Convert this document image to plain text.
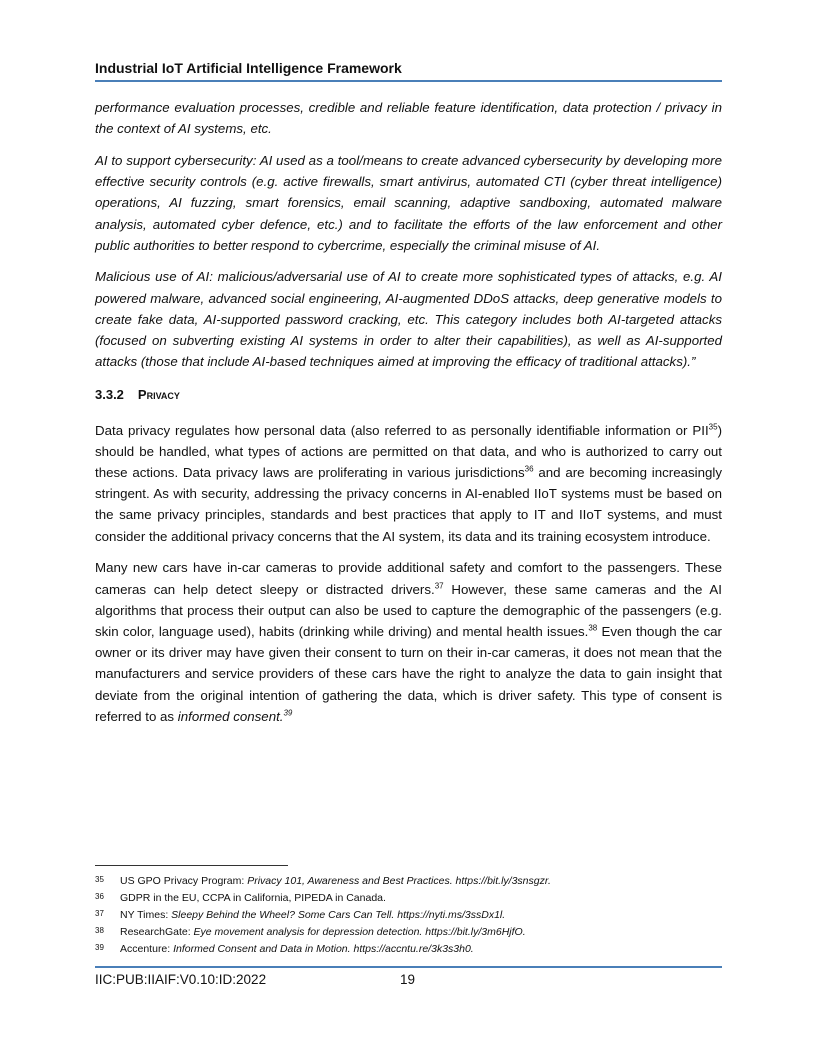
Industrial IoT Artificial Intelligence Framework

performance evaluation processes, credible and reliable feature identification, data protection / privacy in the context of AI systems, etc.

AI to support cybersecurity: AI used as a tool/means to create advanced cybersecurity by developing more effective security controls (e.g. active firewalls, smart antivirus, automated CTI (cyber threat intelligence) operations, AI fuzzing, smart forensics, email scanning, adaptive sandboxing, automated malware analysis, automated cyber defence, etc.) and to facilitate the efforts of the law enforcement and other public authorities to better respond to cybercrime, especially the criminal misuse of AI.

Malicious use of AI: malicious/adversarial use of AI to create more sophisticated types of attacks, e.g. AI powered malware, advanced social engineering, AI-augmented DDoS attacks, deep generative models to create fake data, AI-supported password cracking, etc. This category includes both AI-targeted attacks (focused on subverting existing AI systems in order to alter their capabilities), as well as AI-supported attacks (those that include AI-based techniques aimed at improving the efficacy of traditional attacks).”

3.3.2 Privacy

Data privacy regulates how personal data (also referred to as personally identifiable information or PII$^{35}$) should be handled, what types of actions are permitted on that data, and who is authorized to carry out these actions. Data privacy laws are proliferating in various jurisdictions$^{36}$ and are becoming increasingly stringent. As with security, addressing the privacy concerns in AI-enabled IIoT systems must be based on the same privacy principles, standards and best practices that apply to IT and IIoT systems, and must consider the additional privacy concerns that the AI system, its data and its training ecosystem introduce.

Many new cars have in-car cameras to provide additional safety and comfort to the passengers. These cameras can help detect sleepy or distracted drivers.$^{37}$ However, these same cameras and the AI algorithms that process their output can also be used to capture the demographic of the passengers (e.g. skin color, language used), habits (drinking while driving) and mental health issues.$^{38}$ Even though the car owner or its driver may have given their consent to turn on their in-car cameras, it does not mean that the manufacturers and service providers of these cars have the right to analyze the data to gain insight that deviate from the original intention of gathering the data, which is driver safety. This type of consent is referred to as informed consent.$^{39}$

35	US GPO Privacy Program: Privacy 101, Awareness and Best Practices. https://bit.ly/3snsgzr.
36	GDPR in the EU, CCPA in California, PIPEDA in Canada.
37	NY Times: Sleepy Behind the Wheel? Some Cars Can Tell. https://nyti.ms/3ssDx1l.
38	ResearchGate: Eye movement analysis for depression detection. https://bit.ly/3m6HjfO.
39	Accenture: Informed Consent and Data in Motion. https://accntu.re/3k3s3h0.
IIC:PUB:IIAIF:V0.10:ID:2022	19
